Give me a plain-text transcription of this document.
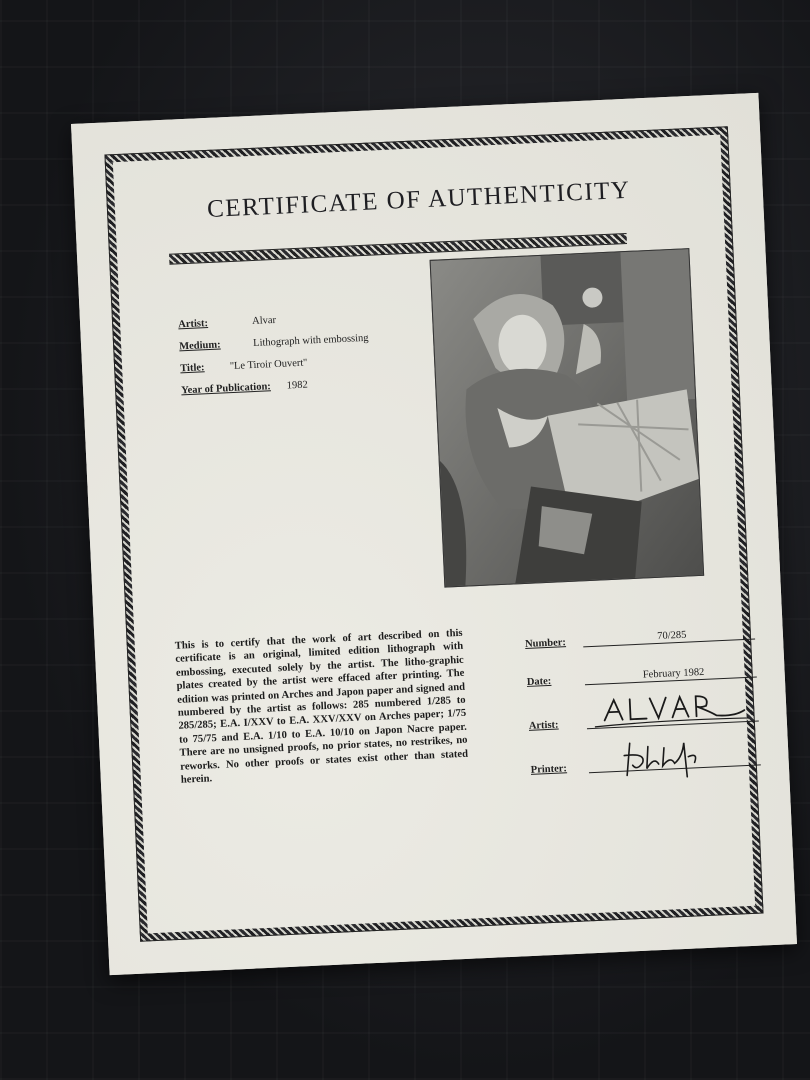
CERTIFICATE OF AUTHENTICITY
Artist:	Alvar
Medium:	Lithograph with embossing
Title: ''Le Tiroir Ouvert''
Year of Publication: 1982
This is to certify that the work of art described on this certificate is an original, limited edition lithograph with embossing, executed solely by the artist. The litho-graphic plates created by the artist were effaced after printing. The edition was printed on Arches and Japon paper and signed and numbered by the artist as follows: 285 numbered 1/285 to 285/285; E.A. I/XXV to E.A. XXV/XXV on Arches paper; 1/75 to 75/75 and E.A. 1/10 to E.A. 10/10 on Japon Nacre paper. There are no unsigned proofs, no prior states, no restrikes, no reworks. No other proofs or states exist other than stated herein.
Number:
70/285
Date:
February 1982
Artist:
Printer:
